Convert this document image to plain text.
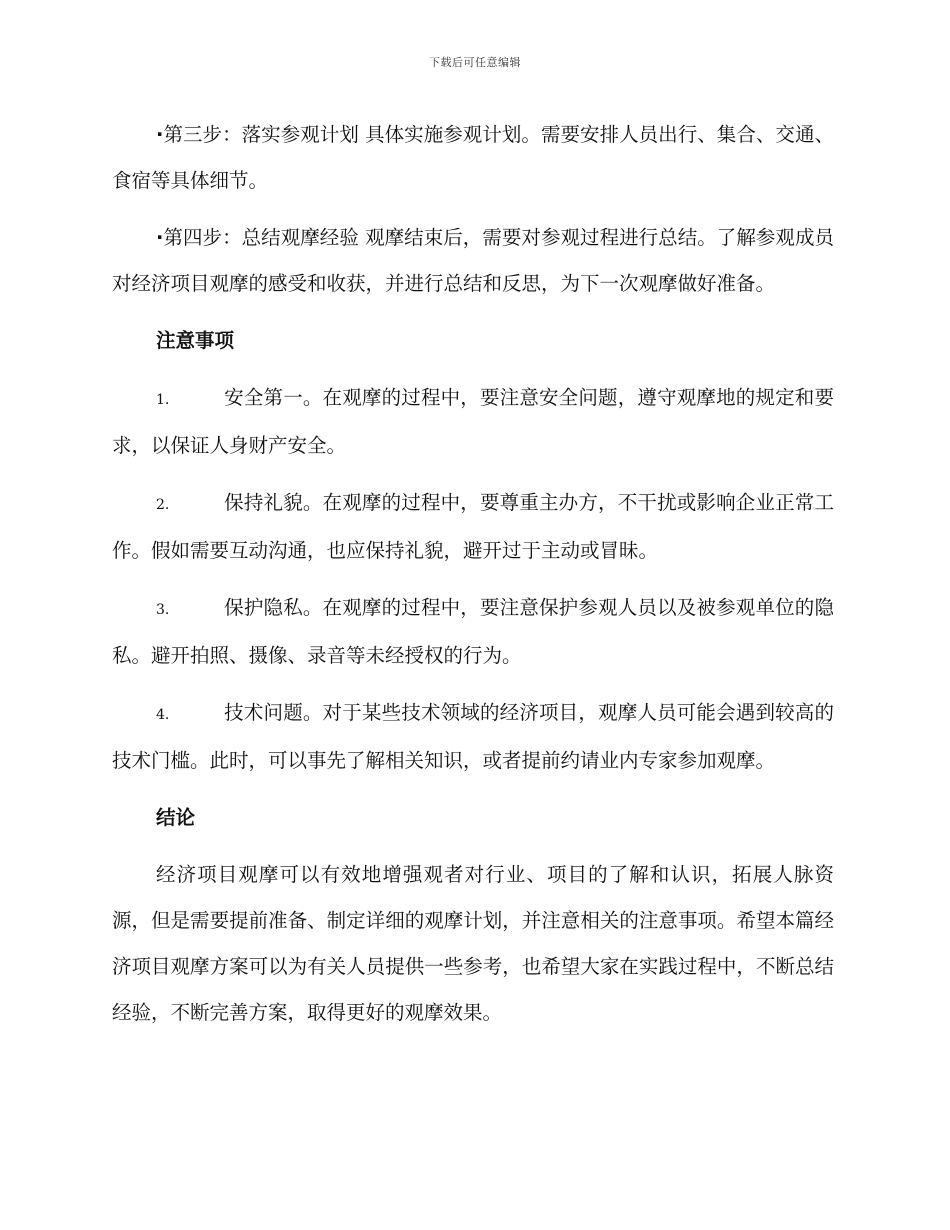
下载后可任意编辑

·第三步：落实参观计划 具体实施参观计划。需要安排人员出行、集合、交通、食宿等具体细节。

·第四步：总结观摩经验 观摩结束后，需要对参观过程进行总结。了解参观成员对经济项目观摩的感受和收获，并进行总结和反思，为下一次观摩做好准备。

注意事项
1.	安全第一。在观摩的过程中，要注意安全问题，遵守观摩地的规定和要求，以保证人身财产安全。
2.	保持礼貌。在观摩的过程中，要尊重主办方，不干扰或影响企业正常工作。假如需要互动沟通，也应保持礼貌，避开过于主动或冒昧。
3.	保护隐私。在观摩的过程中，要注意保护参观人员以及被参观单位的隐私。避开拍照、摄像、录音等未经授权的行为。
4.	技术问题。对于某些技术领域的经济项目，观摩人员可能会遇到较高的技术门槛。此时，可以事先了解相关知识，或者提前约请业内专家参加观摩。
结论

经济项目观摩可以有效地增强观者对行业、项目的了解和认识，拓展人脉资源，但是需要提前准备、制定详细的观摩计划，并注意相关的注意事项。希望本篇经济项目观摩方案可以为有关人员提供一些参考，也希望大家在实践过程中，不断总结经验，不断完善方案，取得更好的观摩效果。
